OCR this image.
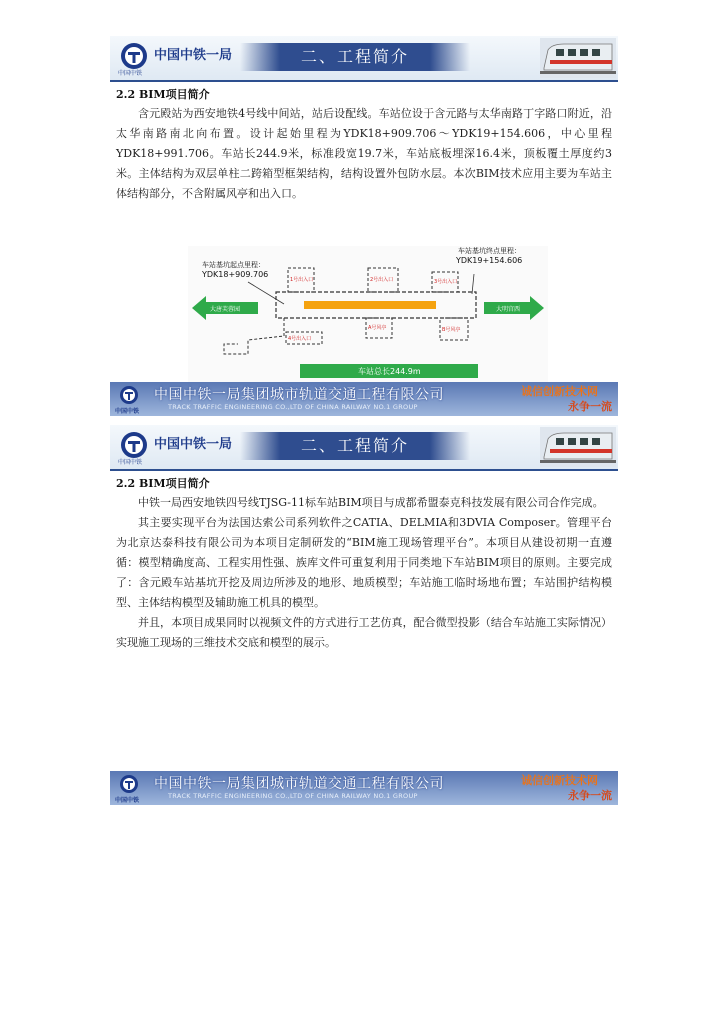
中国中铁一局
中国中铁
二、工程简介
2.2 BIM项目简介

含元殿站为西安地铁4号线中间站，站后设配线。车站位设于含元路与太华南路丁字路口附近，沿太华南路南北向布置。设计起始里程为YDK18+909.706～YDK19+154.606，中心里程YDK18+991.706。车站长244.9米，标准段宽19.7米，车站底板埋深16.4米，顶板覆土厚度约3米。主体结构为双层单柱二跨箱型框架结构，结构设置外包防水层。本次BIM技术应用主要为车站主体结构部分，不含附属风亭和出入口。

车站基坑起点里程：
YDK18+909.706
车站基坑终点里程：
YDK19+154.606
大唐芙蓉园	大明宫西
车站总长244.9m
1号出入口	2号出入口	3号出入口
4号出入口
A号风亭	B号风亭
中国中铁
中国中铁一局集团城市轨道交通工程有限公司
TRACK TRAFFIC ENGINEERING CO.,LTD OF CHINA RAILWAY NO.1 GROUP
诚信创新技术网
永争一流
中国中铁一局
中国中铁
二、工程简介
2.2 BIM项目简介

中铁一局西安地铁四号线TJSG-11标车站BIM项目与成都希盟泰克科技发展有限公司合作完成。

其主要实现平台为法国达索公司系列软件之CATIA、DELMIA和3DVIA Composer。管理平台为北京达泰科技有限公司为本项目定制研发的“BIM施工现场管理平台”。本项目从建设初期一直遵循：模型精确度高、工程实用性强、族库文件可重复利用于同类地下车站BIM项目的原则。主要完成了：含元殿车站基坑开挖及周边所涉及的地形、地质模型；车站施工临时场地布置；车站围护结构模型、主体结构模型及辅助施工机具的模型。

并且，本项目成果同时以视频文件的方式进行工艺仿真，配合微型投影（结合车站施工实际情况）实现施工现场的三维技术交底和模型的展示。

中国中铁
中国中铁一局集团城市轨道交通工程有限公司
TRACK TRAFFIC ENGINEERING CO.,LTD OF CHINA RAILWAY NO.1 GROUP
诚信创新技术网
永争一流
